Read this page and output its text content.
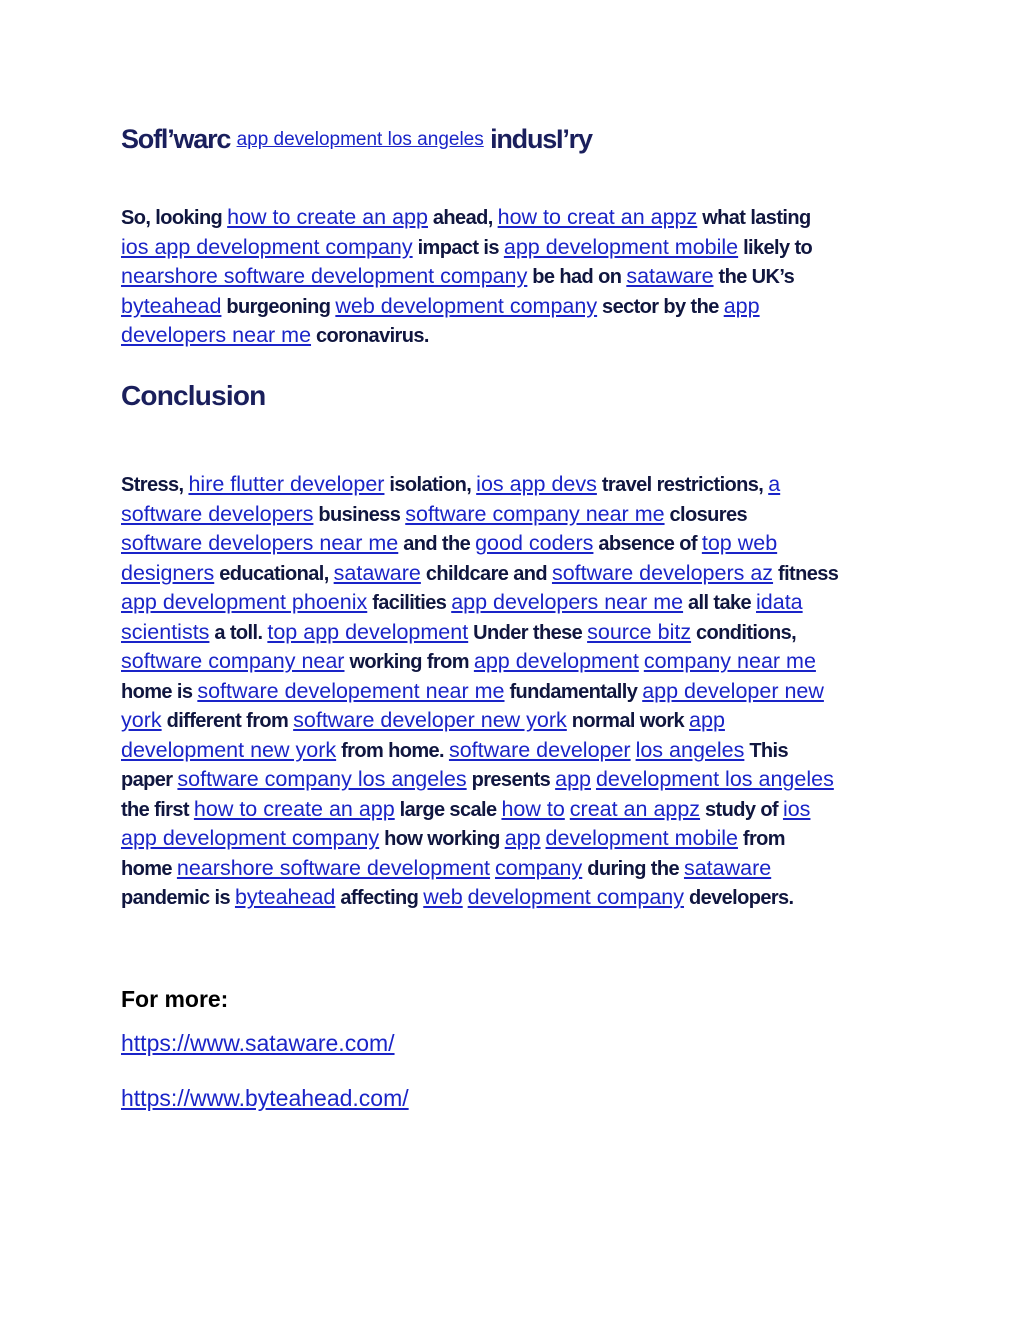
Sofl’warc app development los angeles indusI’ry
So, looking how to create an app ahead, how to creat an appz what lasting
ios app development company impact is app development mobile likely to
nearshore software development company be had on sataware the UK’s
byteahead burgeoning web development company sector by the app
developers near me coronavirus.
Conclusion
Stress, hire flutter developer isolation, ios app devs travel restrictions, a
software developers business software company near me closures
software developers near me and the good coders absence of top web
designers educational, sataware childcare and software developers az fitness
app development phoenix facilities app developers near me all take idata
scientists a toll. top app development Under these source bitz conditions,
software company near working from app development company near me
home is software developement near me fundamentally app developer new
york different from software developer new york normal work app
development new york from home. software developer los angeles This
paper software company los angeles presents app development los angeles
the first how to create an app large scale how to creat an appz study of ios
app development company how working app development mobile from
home nearshore software development company during the sataware
pandemic is byteahead affecting web development company developers.
For more:
https://www.sataware.com/
https://www.byteahead.com/
